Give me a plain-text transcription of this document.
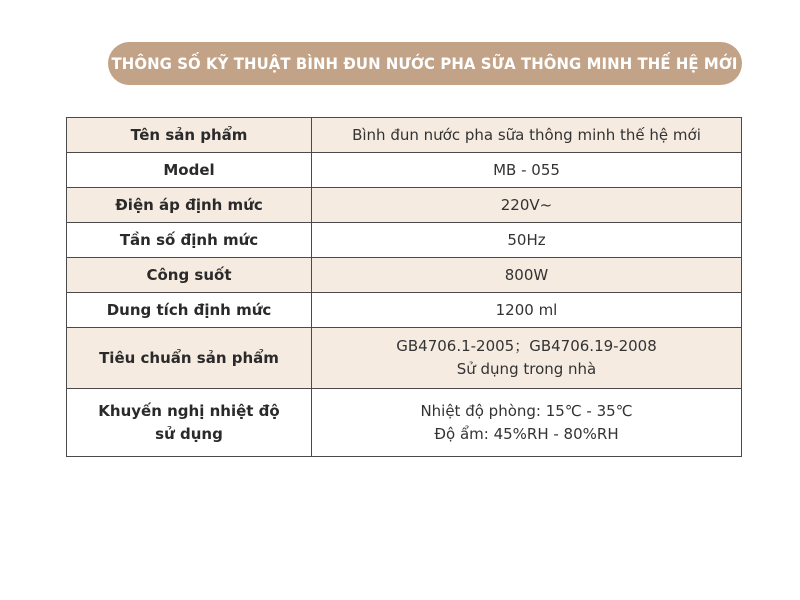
THÔNG SỐ KỸ THUẬT BÌNH ĐUN NƯỚC PHA SỮA THÔNG MINH THẾ HỆ MỚI
Tên sản phẩm	Bình đun nước pha sữa thông minh thế hệ mới
Model	MB - 055
Điện áp định mức	220V~
Tần số định mức	50Hz
Công suốt	800W
Dung tích định mức	1200 ml
Tiêu chuẩn sản phẩm	GB4706.1-2005；GB4706.19-2008
Sử dụng trong nhà

Khuyến nghị nhiệt độ
sử dụng	Nhiệt độ phòng: 15℃ - 35℃
Độ ẩm: 45%RH - 80%RH
